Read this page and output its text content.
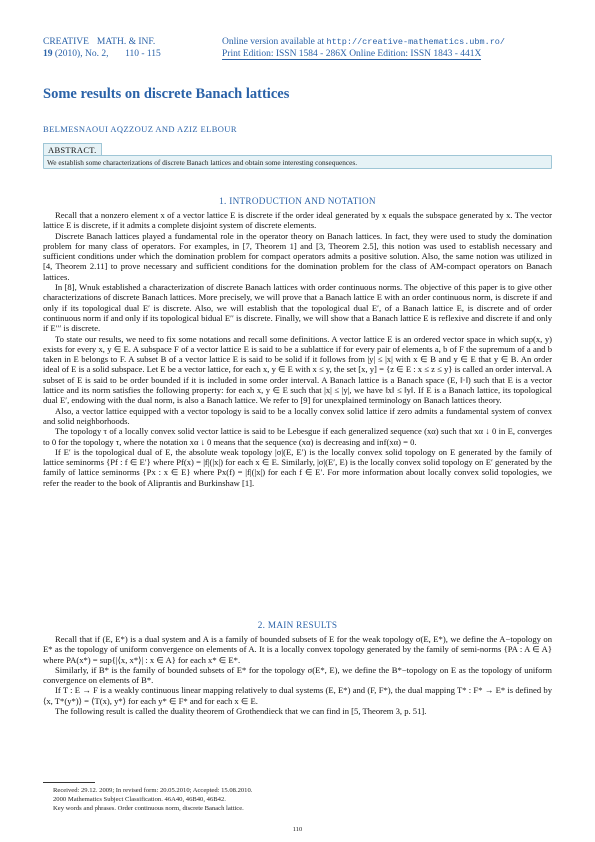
CREATIVE MATH. & INF.
19 (2010), No. 2, 110 - 115
Online version available at http://creative-mathematics.ubm.ro/
Print Edition: ISSN 1584 - 286X Online Edition: ISSN 1843 - 441X
Some results on discrete Banach lattices
BELMESNAOUI AQZZOUZ AND AZIZ ELBOUR
ABSTRACT.
We establish some characterizations of discrete Banach lattices and obtain some interesting consequences.
1. INTRODUCTION AND NOTATION

Recall that a nonzero element x of a vector lattice E is discrete if the order ideal generated by x equals the subspace generated by x. The vector lattice E is discrete, if it admits a complete disjoint system of discrete elements.

Discrete Banach lattices played a fundamental role in the operator theory on Banach lattices. In fact, they were used to study the domination problem for many class of operators. For examples, in [7, Theorem 1] and [3, Theorem 2.5], this notion was used to establish necessary and sufficient conditions under which the domination problem for compact operators admits a positive solution. Also, the same notion was utilized in [4, Theorem 2.11] to prove necessary and sufficient conditions for the domination problem for the class of AM-compact operators on Banach lattices.

In [8], Wnuk established a characterization of discrete Banach lattices with order continuous norms. The objective of this paper is to give other characterizations of discrete Banach lattices. More precisely, we will prove that a Banach lattice E with an order continuous norm, is discrete if and only if its topological dual E′ is discrete. Also, we will establish that the topological dual E′, of a Banach lattice E, is discrete and of order continuous norm if and only if its topological bidual E′′ is discrete. Finally, we will show that a Banach lattice E is reflexive and discrete if and only if E′′′ is discrete.

To state our results, we need to fix some notations and recall some definitions. A vector lattice E is an ordered vector space in which sup(x, y) exists for every x, y ∈ E. A subspace F of a vector lattice E is said to be a sublattice if for every pair of elements a, b of F the supremum of a and b taken in E belongs to F. A subset B of a vector lattice E is said to be solid if it follows from |y| ≤ |x| with x ∈ B and y ∈ E that y ∈ B. An order ideal of E is a solid subspace. Let E be a vector lattice, for each x, y ∈ E with x ≤ y, the set [x, y] = {z ∈ E : x ≤ z ≤ y} is called an order interval. A subset of E is said to be order bounded if it is included in some order interval. A Banach lattice is a Banach space (E, ‖·‖) such that E is a vector lattice and its norm satisfies the following property: for each x, y ∈ E such that |x| ≤ |y|, we have ‖x‖ ≤ ‖y‖. If E is a Banach lattice, its topological dual E′, endowing with the dual norm, is also a Banach lattice. We refer to [9] for unexplained terminology on Banach lattices theory.

Also, a vector lattice equipped with a vector topology is said to be a locally convex solid lattice if zero admits a fundamental system of convex and solid neighborhoods.

The topology τ of a locally convex solid vector lattice is said to be Lebesgue if each generalized sequence (xα) such that xα ↓ 0 in E, converges to 0 for the topology τ, where the notation xα ↓ 0 means that the sequence (xα) is decreasing and inf(xα) = 0.

If E′ is the topological dual of E, the absolute weak topology |σ|(E, E′) is the locally convex solid topology on E generated by the family of lattice seminorms {Pf : f ∈ E′} where Pf(x) = |f|(|x|) for each x ∈ E. Similarly, |σ|(E′, E) is the locally convex solid topology on E′ generated by the family of lattice seminorms {Px : x ∈ E} where Px(f) = |f|(|x|) for each f ∈ E′. For more information about locally convex solid topologies, we refer the reader to the book of Aliprantis and Burkinshaw [1].

2. MAIN RESULTS

Recall that if (E, E*) is a dual system and A is a family of bounded subsets of E for the weak topology σ(E, E*), we define the A−topology on E* as the topology of uniform convergence on elements of A. It is a locally convex topology generated by the family of semi-norms {PA : A ∈ A} where PA(x*) = sup{|⟨x, x*⟩| : x ∈ A} for each x* ∈ E*.

Similarly, if B* is the family of bounded subsets of E* for the topology σ(E*, E), we define the B*−topology on E as the topology of uniform convergence on elements of B*.

If T : E → F is a weakly continuous linear mapping relatively to dual systems (E, E*) and (F, F*), the dual mapping T* : F* → E* is defined by ⟨x, T*(y*)⟩ = ⟨T(x), y*⟩ for each y* ∈ F* and for each x ∈ E.

The following result is called the duality theorem of Grothendieck that we can find in [5, Theorem 3, p. 51].

Received: 29.12. 2009; In revised form: 20.05.2010; Accepted: 15.08.2010.
2000 Mathematics Subject Classification. 46A40, 46B40, 46B42.
Key words and phrases. Order continuous norm, discrete Banach lattice.
110
